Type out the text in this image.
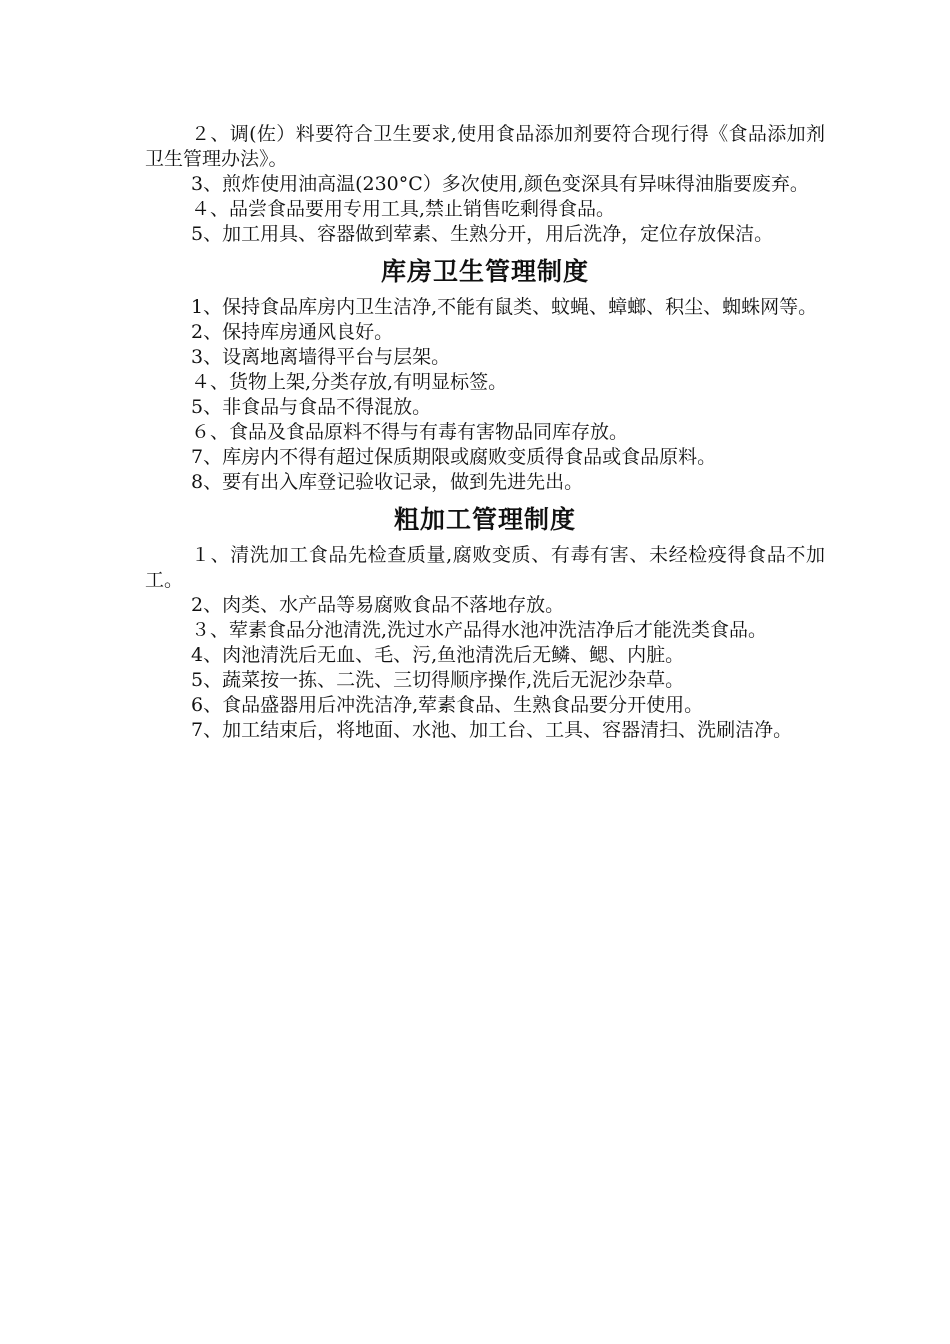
２、调(佐）料要符合卫生要求,使用食品添加剂要符合现行得《食品添加剂卫生管理办法》。

3、煎炸使用油高温(230°C）多次使用,颜色变深具有异味得油脂要废弃。

４、品尝食品要用专用工具,禁止销售吃剩得食品。

5、加工用具、容器做到荤素、生熟分开，用后洗净，定位存放保洁。

库房卫生管理制度

1、保持食品库房内卫生洁净,不能有鼠类、蚊蝇、蟑螂、积尘、蜘蛛网等。

2、保持库房通风良好。

3、设离地离墙得平台与层架。

４、货物上架,分类存放,有明显标签。

5、非食品与食品不得混放。

６、食品及食品原料不得与有毒有害物品同库存放。

7、库房内不得有超过保质期限或腐败变质得食品或食品原料。

8、要有出入库登记验收记录，做到先进先出。

粗加工管理制度

１、清洗加工食品先检查质量,腐败变质、有毒有害、未经检疫得食品不加工。

2、肉类、水产品等易腐败食品不落地存放。

３、荤素食品分池清洗,洗过水产品得水池冲洗洁净后才能洗类食品。

4、肉池清洗后无血、毛、污,鱼池清洗后无鳞、鳃、内脏。

5、蔬菜按一拣、二洗、三切得顺序操作,洗后无泥沙杂草。

6、食品盛器用后冲洗洁净,荤素食品、生熟食品要分开使用。

7、加工结束后，将地面、水池、加工台、工具、容器清扫、洗刷洁净。
